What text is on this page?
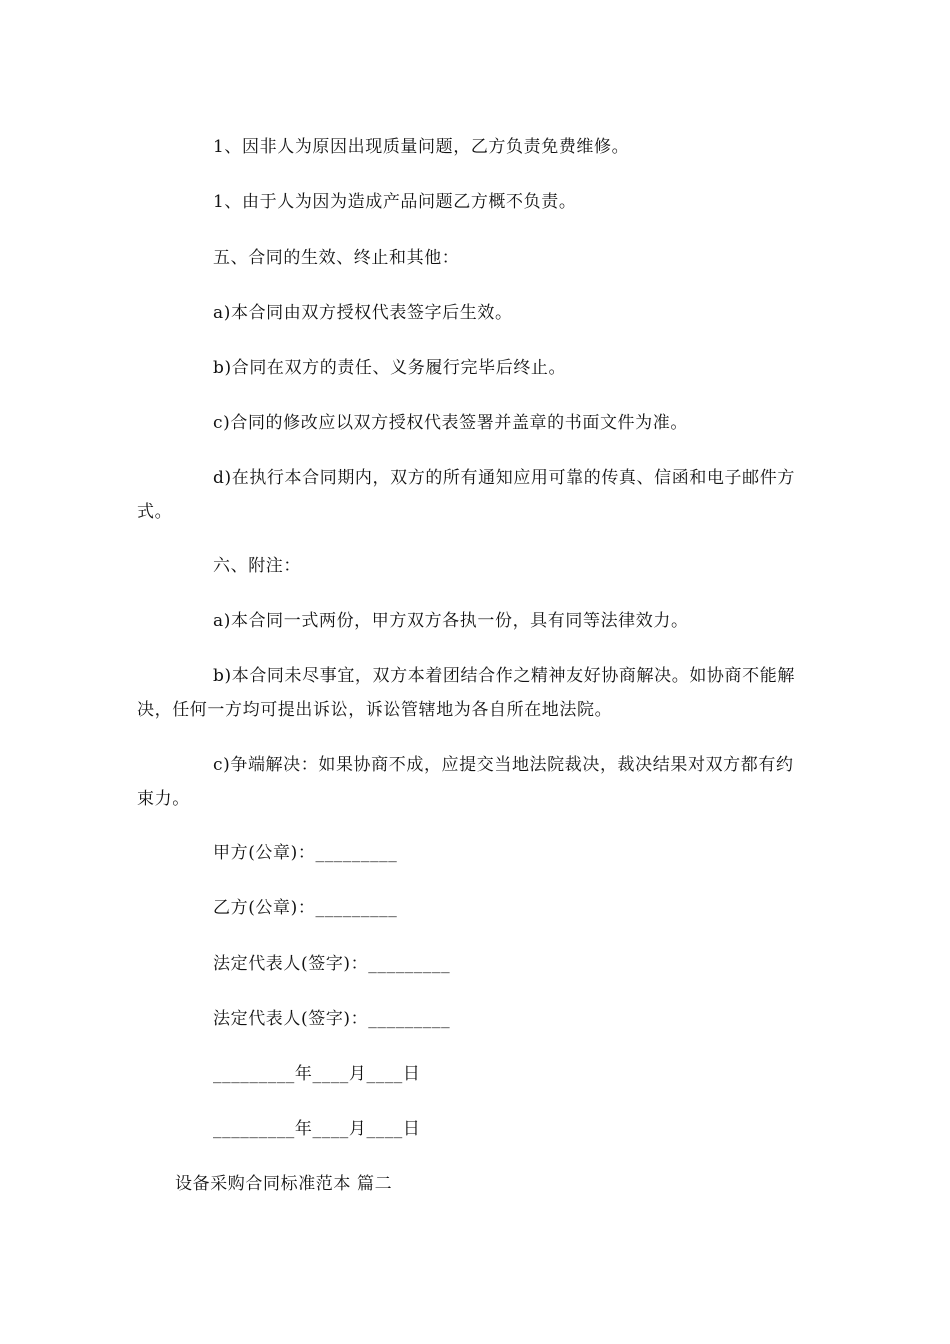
1、因非人为原因出现质量问题，乙方负责免费维修。

1、由于人为因为造成产品问题乙方概不负责。

五、合同的生效、终止和其他：

a)本合同由双方授权代表签字后生效。

b)合同在双方的责任、义务履行完毕后终止。

c)合同的修改应以双方授权代表签署并盖章的书面文件为准。

d)在执行本合同期内，双方的所有通知应用可靠的传真、信函和电子邮件方式。

六、附注：

a)本合同一式两份，甲方双方各执一份，具有同等法律效力。

b)本合同未尽事宜，双方本着团结合作之精神友好协商解决。如协商不能解决，任何一方均可提出诉讼，诉讼管辖地为各自所在地法院。

c)争端解决：如果协商不成，应提交当地法院裁决，裁决结果对双方都有约束力。

甲方(公章)：_________

乙方(公章)：_________

法定代表人(签字)：_________

法定代表人(签字)：_________

_________年____月____日

_________年____月____日

设备采购合同标准范本 篇二
